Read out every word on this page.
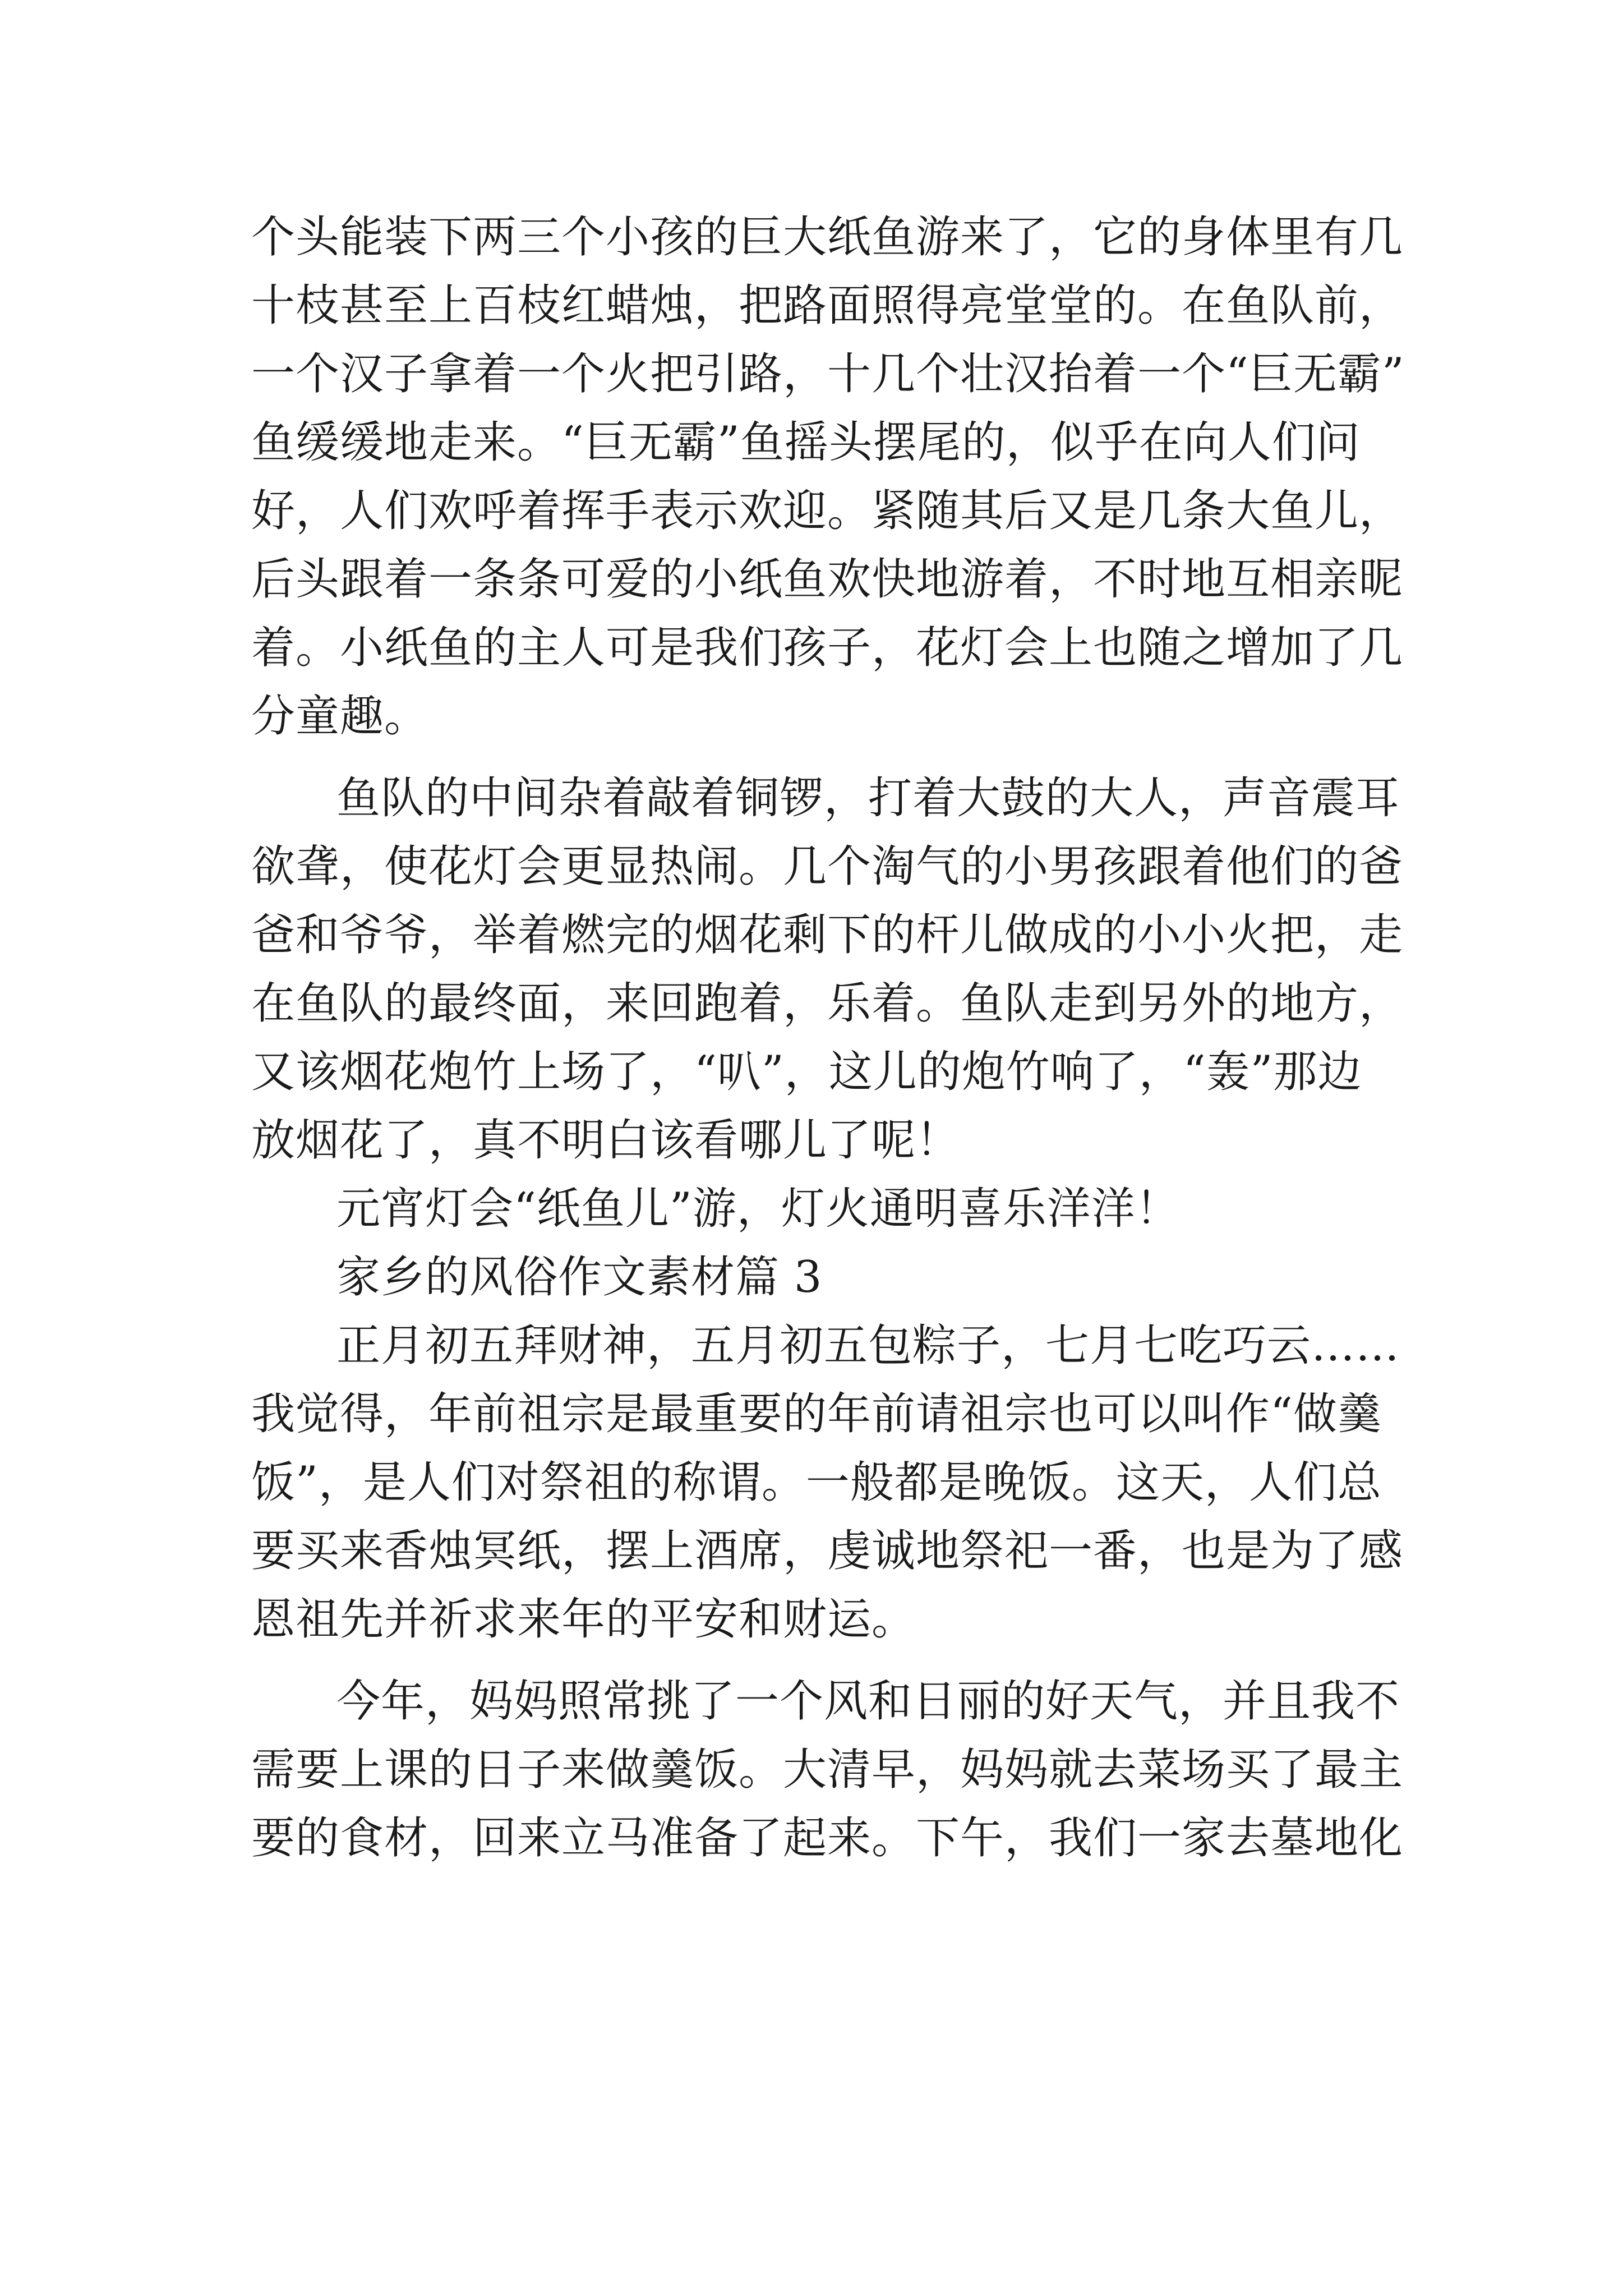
个头能装下两三个小孩的巨大纸鱼游来了，它的身体里有几
十枝甚至上百枝红蜡烛，把路面照得亮堂堂的。在鱼队前，
一个汉子拿着一个火把引路，十几个壮汉抬着一个“巨无霸”
鱼缓缓地走来。“巨无霸”鱼摇头摆尾的，似乎在向人们问
好，人们欢呼着挥手表示欢迎。紧随其后又是几条大鱼儿，
后头跟着一条条可爱的小纸鱼欢快地游着，不时地互相亲昵
着。小纸鱼的主人可是我们孩子，花灯会上也随之增加了几
分童趣。
鱼队的中间杂着敲着铜锣，打着大鼓的大人，声音震耳
欲聋，使花灯会更显热闹。几个淘气的小男孩跟着他们的爸
爸和爷爷，举着燃完的烟花剩下的杆儿做成的小小火把，走
在鱼队的最终面，来回跑着，乐着。鱼队走到另外的地方，
又该烟花炮竹上场了，“叭”，这儿的炮竹响了，“轰”那边
放烟花了，真不明白该看哪儿了呢！
元宵灯会“纸鱼儿”游，灯火通明喜乐洋洋！
家乡的风俗作文素材篇 3
正月初五拜财神，五月初五包粽子，七月七吃巧云……
我觉得，年前祖宗是最重要的年前请祖宗也可以叫作“做羹
饭”，是人们对祭祖的称谓。一般都是晚饭。这天，人们总
要买来香烛冥纸，摆上酒席，虔诚地祭祀一番，也是为了感
恩祖先并祈求来年的平安和财运。
今年，妈妈照常挑了一个风和日丽的好天气，并且我不
需要上课的日子来做羹饭。大清早，妈妈就去菜场买了最主
要的食材，回来立马准备了起来。下午，我们一家去墓地化
